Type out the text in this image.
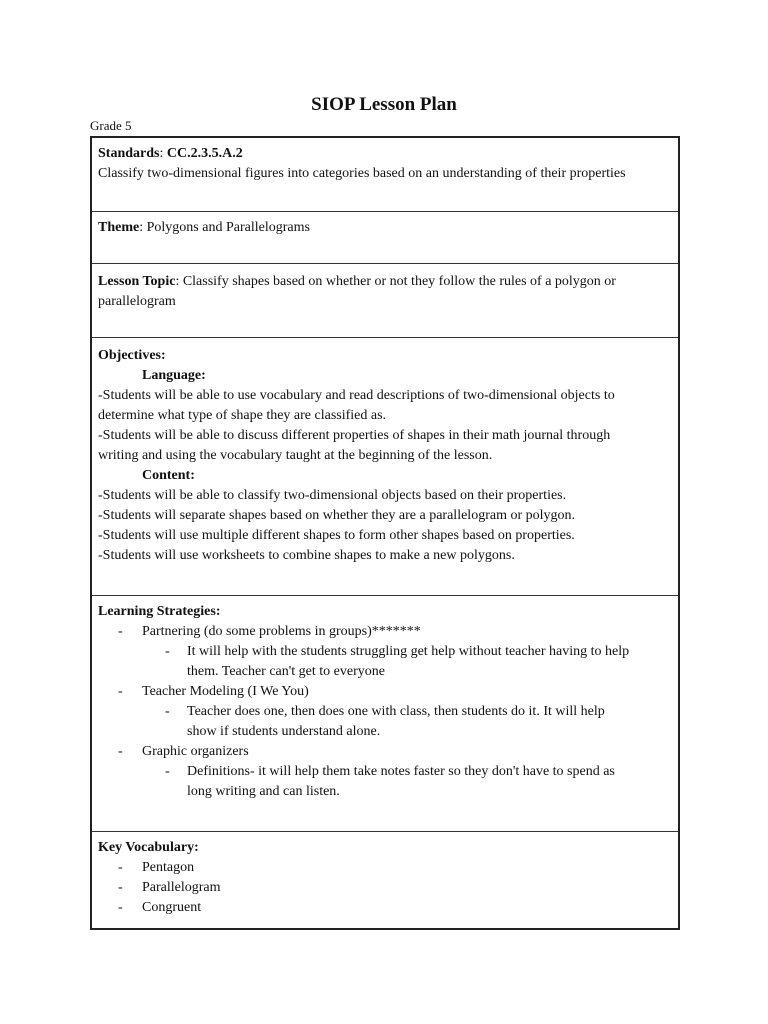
SIOP Lesson Plan
Grade 5
Standards: CC.2.3.5.A.2
Classify two-dimensional figures into categories based on an understanding of their properties
Theme: Polygons and Parallelograms
Lesson Topic: Classify shapes based on whether or not they follow the rules of a polygon or
parallelogram
Objectives:
Language:
-Students will be able to use vocabulary and read descriptions of two-dimensional objects to
determine what type of shape they are classified as.
-Students will be able to discuss different properties of shapes in their math journal through
writing and using the vocabulary taught at the beginning of the lesson.
Content:
-Students will be able to classify two-dimensional objects based on their properties.
-Students will separate shapes based on whether they are a parallelogram or polygon.
-Students will use multiple different shapes to form other shapes based on properties.
-Students will use worksheets to combine shapes to make a new polygons.
Learning Strategies:
- Partnering (do some problems in groups)*******
- It will help with the students struggling get help without teacher having to help
them. Teacher can't get to everyone
- Teacher Modeling (I We You)
- Teacher does one, then does one with class, then students do it. It will help
show if students understand alone.
- Graphic organizers
- Definitions- it will help them take notes faster so they don't have to spend as
long writing and can listen.
Key Vocabulary:
- Pentagon
- Parallelogram
- Congruent
